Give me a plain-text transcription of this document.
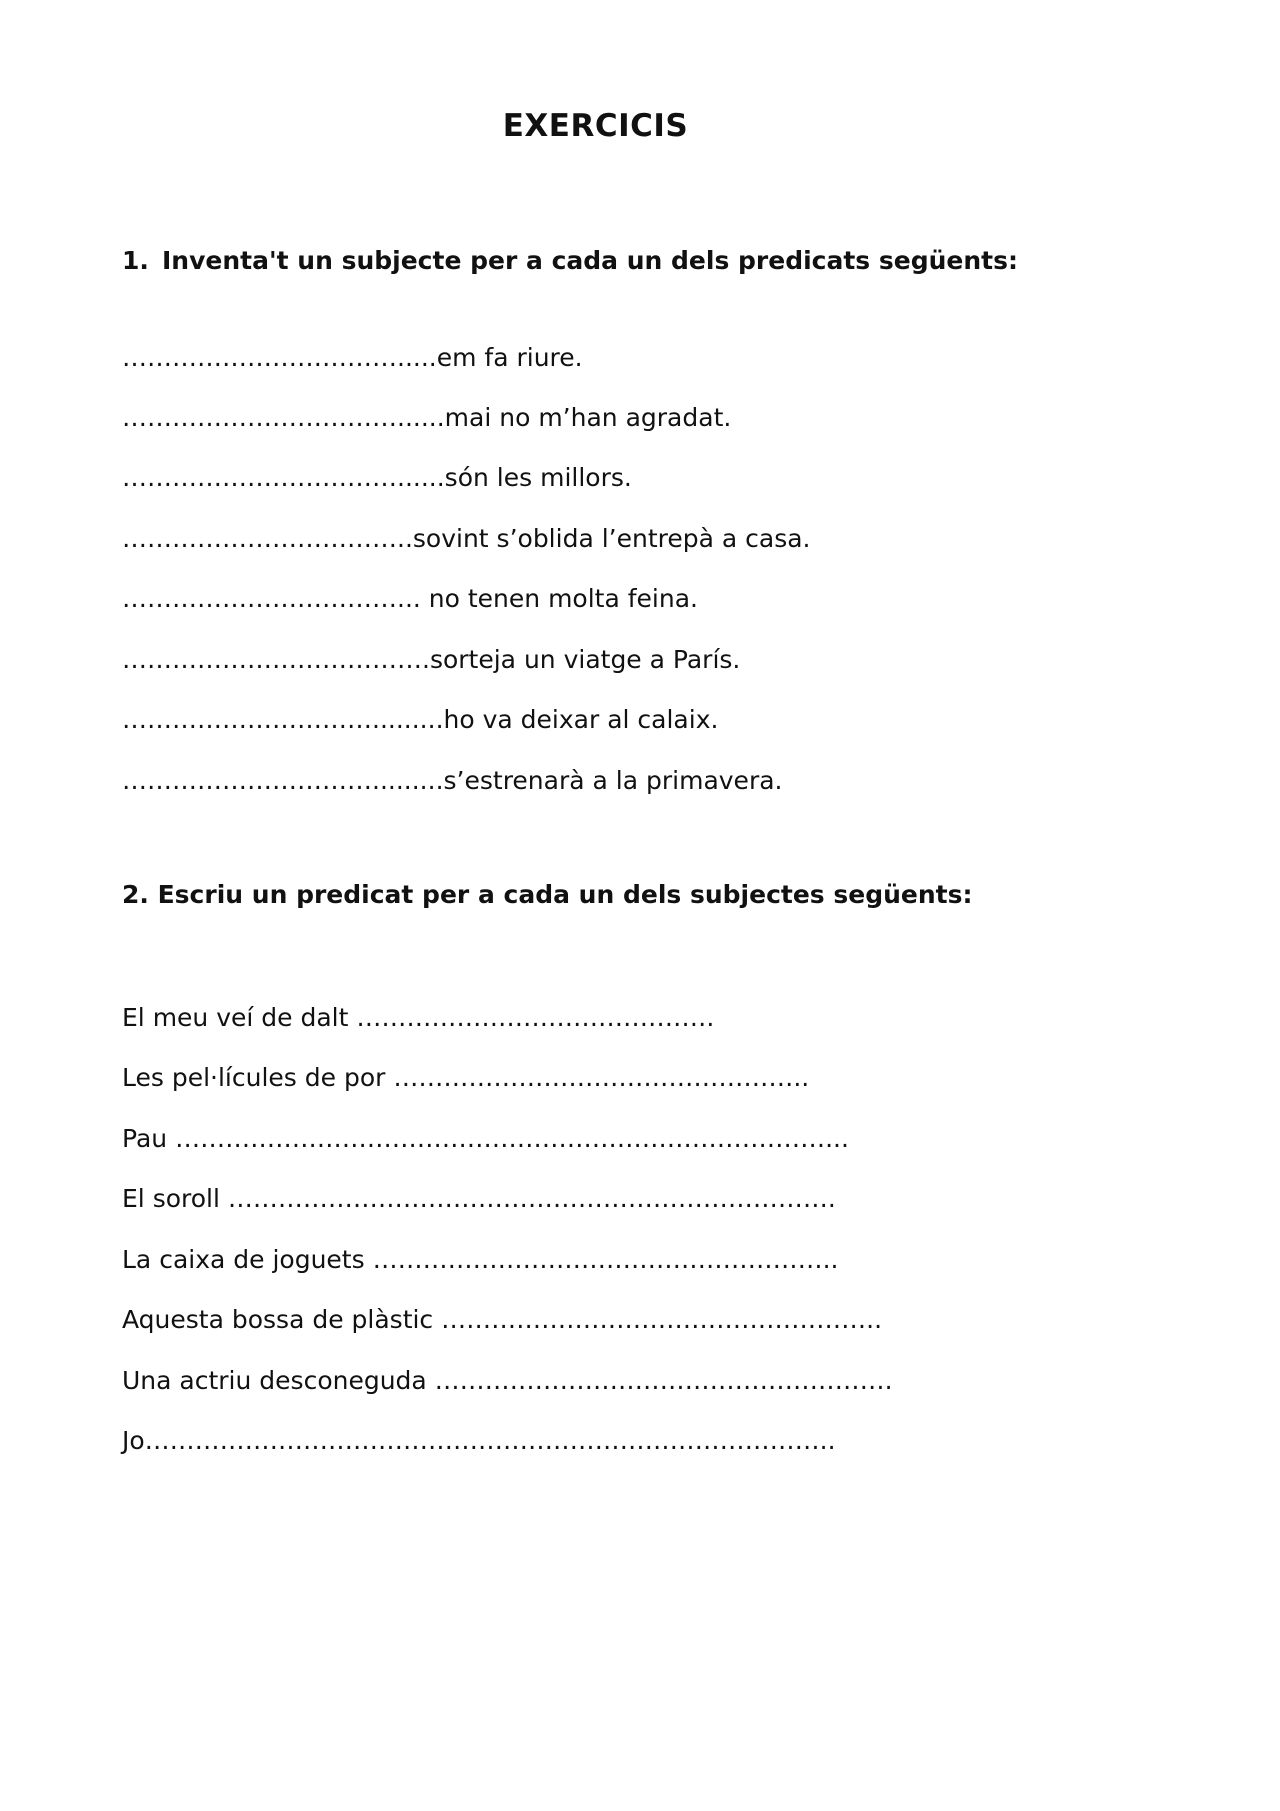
EXERCICIS
1. Inventa't un subjecte per a cada un dels predicats següents:
…………………………….....em fa riure.
……………………………......mai no m’han agradat.
……………………………......són les millors.
……………………………..sovint s’oblida l’entrepà a casa.
……………………………... no tenen molta feina.
……………………………….sorteja un viatge a París.
………………………….........ho va deixar al calaix.
………………………….........s’estrenarà a la primavera.
2. Escriu un predicat per a cada un dels subjectes següents:
El meu veí de dalt …………………………………….
Les pel·lícules de por …………………………………………..
Pau ……………………………………………………………………...
El soroll ……………………………………………………………….
La caixa de joguets ………………………………………………..
Aquesta bossa de plàstic ……………………………………………..
Una actriu desconeguda ……………………………………………….
Jo………………………………………………………………………..
